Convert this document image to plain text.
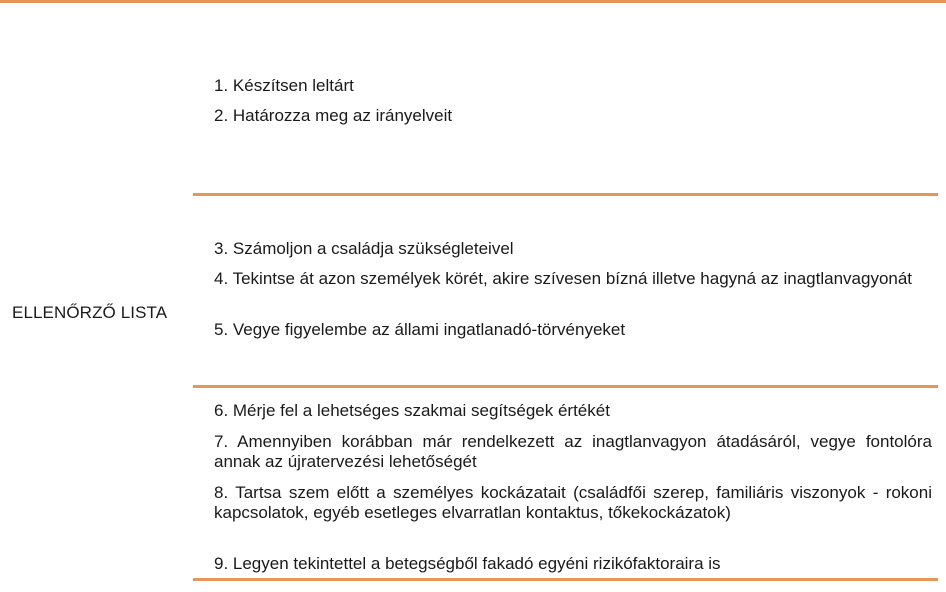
1. Készítsen leltárt
2. Határozza meg az irányelveit
ELLENŐRZŐ LISTA
3. Számoljon a családja szükségleteivel
4. Tekintse át azon személyek körét, akire szívesen bízná illetve hagyná az inagtlanvagyonát
5. Vegye figyelembe az állami ingatlanadó-törvényeket
6. Mérje fel a lehetséges szakmai segítségek értékét
7. Amennyiben korábban már rendelkezett az inagtlanvagyon átadásáról, vegye fontolóra annak az újratervezési lehetőségét
8. Tartsa szem előtt a személyes kockázatait (családfői szerep, familiáris viszonyok - rokoni kapcsolatok, egyéb esetleges elvarratlan kontaktus, tőkekockázatok)
9. Legyen tekintettel a betegségből fakadó egyéni rizikófaktoraira is
